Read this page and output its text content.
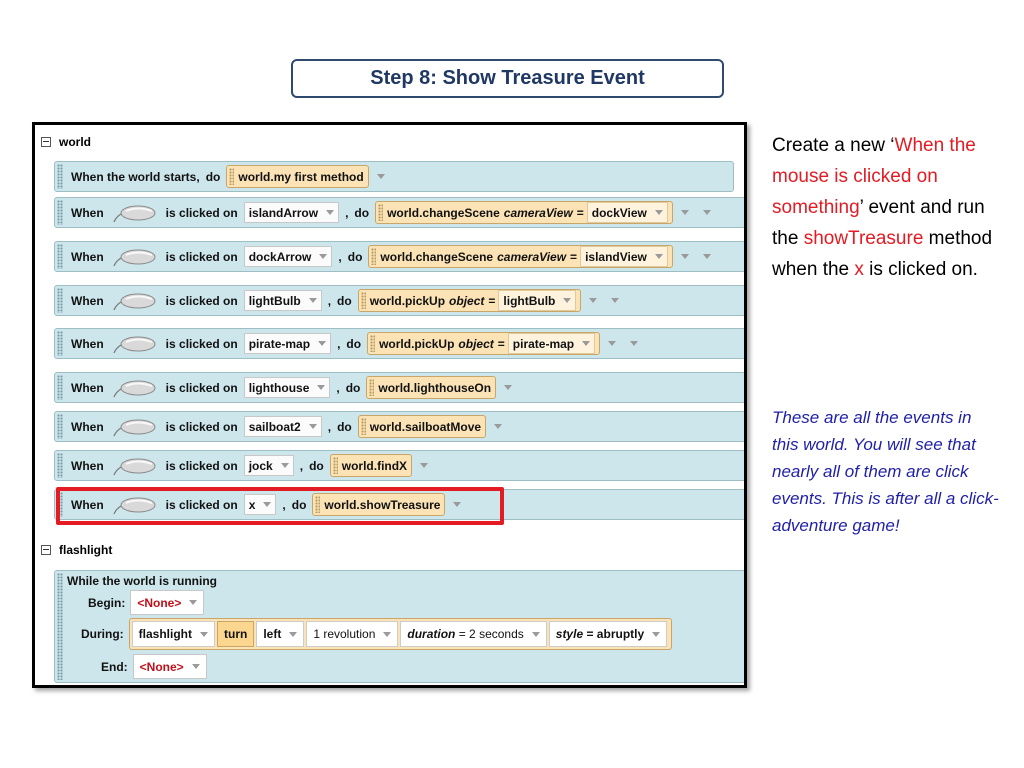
Step 8: Show Treasure Event
world
When the world starts , do world.my first method
When	is clicked on islandArrow , do world.changeScene cameraView = dockView
When	is clicked on dockArrow , do world.changeScene cameraView = islandView
When	is clicked on lightBulb , do world.pickUp object = lightBulb
When	is clicked on pirate-map , do world.pickUp object = pirate-map
When	is clicked on lighthouse , do world.lighthouseOn
When	is clicked on sailboat2 , do world.sailboatMove
When	is clicked on jock , do world.findX
When	is clicked on x , do world.showTreasure
flashlight
While the world is running
Begin: <None>
During: flashlight	turn	left	1 revolution	duration
= 2 seconds	style
= abruptly
End: <None>
Create a new ‘When the mouse is clicked on something’ event and run the showTreasure method when the x is clicked on.
These are all the events in this world. You will see that nearly all of them are click events. This is after all a click-adventure game!
